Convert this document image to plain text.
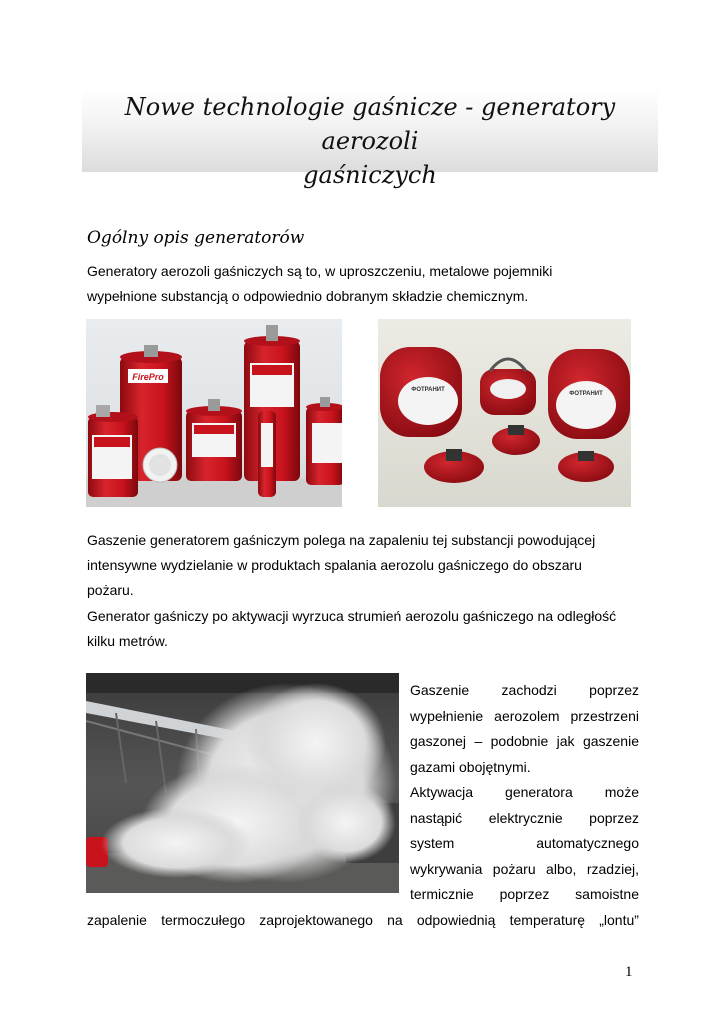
Nowe technologie gaśnicze - generatory aerozoli
gaśniczych
Ogólny opis generatorów
Generatory aerozoli gaśniczych są to, w uproszczeniu, metalowe pojemniki
wypełnione substancją o odpowiednio dobranym składzie chemicznym.
FirePro
ФОТРАНИТ
ФОТРАНИТ
Gaszenie generatorem gaśniczym polega na zapaleniu tej substancji powodującej
intensywne wydzielanie w produktach spalania aerozolu gaśniczego do obszaru
pożaru.
Generator gaśniczy po aktywacji wyrzuca strumień aerozolu gaśniczego na odległość
kilku metrów.
Gaszenie zachodzi poprzez
wypełnienie aerozolem przestrzeni
gaszonej – podobnie jak gaszenie
gazami obojętnymi.
Aktywacja generatora może
nastąpić elektrycznie poprzez
system	automatycznego
wykrywania pożaru albo, rzadziej,
termicznie poprzez samoistne
zapalenie termoczułego zaprojektowanego na odpowiednią temperaturę „lontu”
1
